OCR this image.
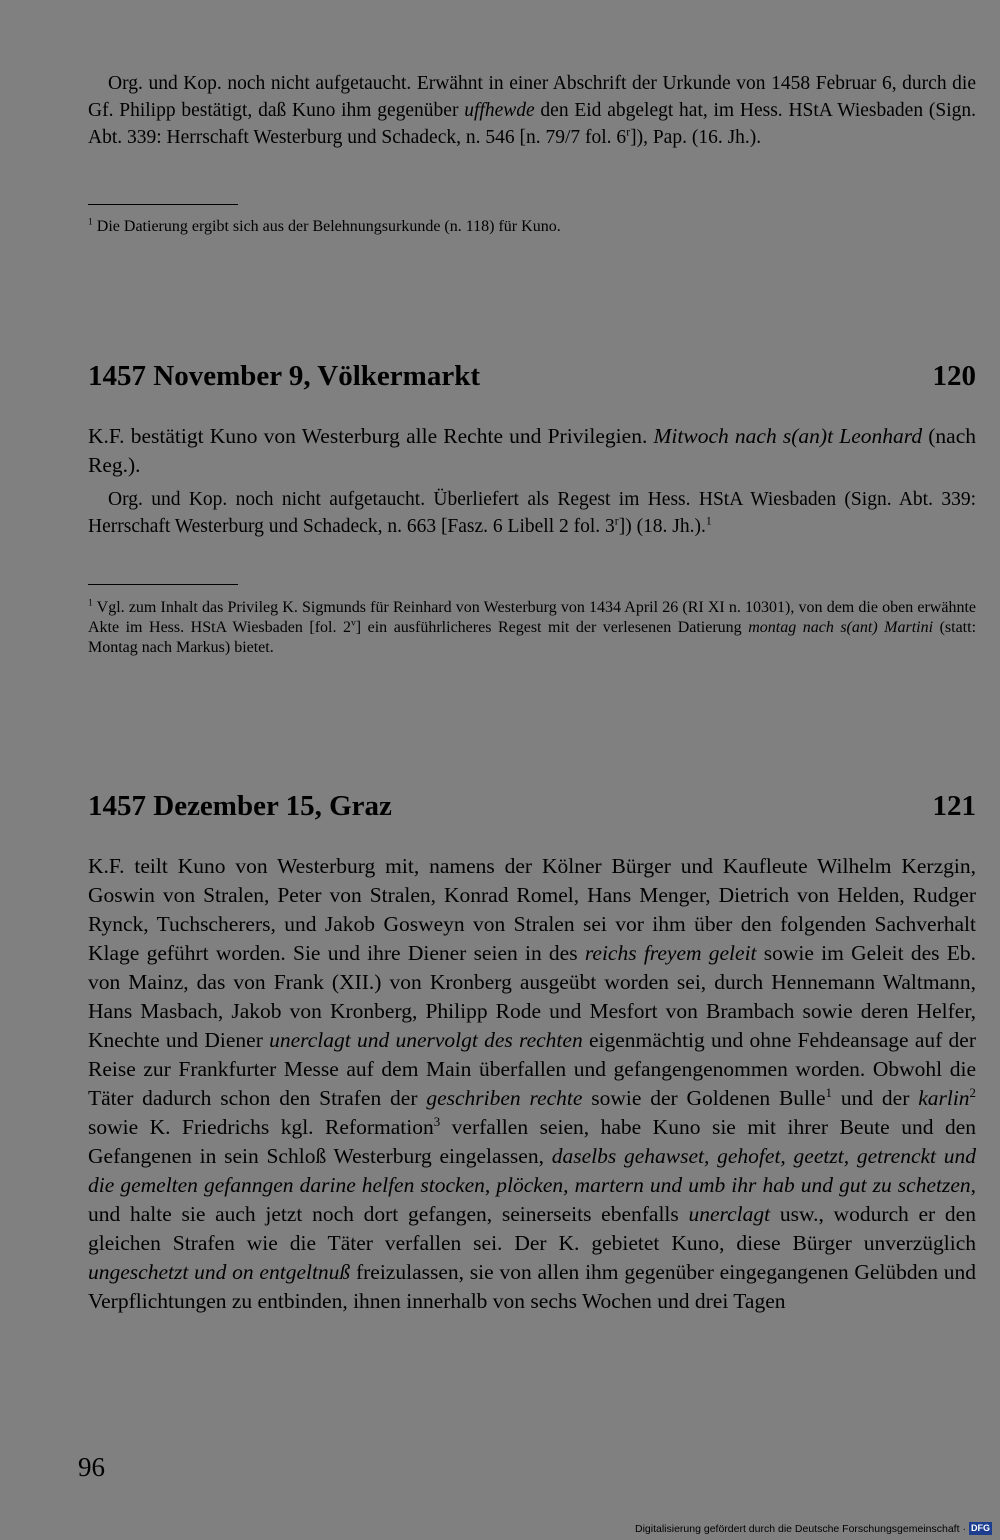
Org. und Kop. noch nicht aufgetaucht. Erwähnt in einer Abschrift der Urkunde von 1458 Februar 6, durch die Gf. Philipp bestätigt, daß Kuno ihm gegenüber uffhewde den Eid abgelegt hat, im Hess. HStA Wiesbaden (Sign. Abt. 339: Herrschaft Westerburg und Schadeck, n. 546 [n. 79/7 fol. 6$^r$]), Pap. (16. Jh.).

$^1$ Die Datierung ergibt sich aus der Belehnungsurkunde (n. 118) für Kuno.

1457 November 9, Völkermarkt	120

K.F. bestätigt Kuno von Westerburg alle Rechte und Privilegien. Mitwoch nach s(an)t Leonhard (nach Reg.).

Org. und Kop. noch nicht aufgetaucht. Überliefert als Regest im Hess. HStA Wiesbaden (Sign. Abt. 339: Herrschaft Westerburg und Schadeck, n. 663 [Fasz. 6 Libell 2 fol. 3$^r$]) (18. Jh.).$^1$

$^1$ Vgl. zum Inhalt das Privileg K. Sigmunds für Reinhard von Westerburg von 1434 April 26 (RI XI n. 10301), von dem die oben erwähnte Akte im Hess. HStA Wiesbaden [fol. 2$^v$] ein ausführlicheres Regest mit der verlesenen Datierung montag nach s(ant) Martini (statt: Montag nach Markus) bietet.

1457 Dezember 15, Graz	121

K.F. teilt Kuno von Westerburg mit, namens der Kölner Bürger und Kaufleute Wilhelm Kerzgin, Goswin von Stralen, Peter von Stralen, Konrad Romel, Hans Menger, Dietrich von Helden, Rudger Rynck, Tuchscherers, und Jakob Gosweyn von Stralen sei vor ihm über den folgenden Sachverhalt Klage geführt worden. Sie und ihre Diener seien in des reichs freyem geleit sowie im Geleit des Eb. von Mainz, das von Frank (XII.) von Kronberg ausgeübt worden sei, durch Hennemann Waltmann, Hans Masbach, Jakob von Kronberg, Philipp Rode und Mesfort von Brambach sowie deren Helfer, Knechte und Diener unerclagt und unervolgt des rechten eigenmächtig und ohne Fehdeansage auf der Reise zur Frankfurter Messe auf dem Main überfallen und gefangengenommen worden. Obwohl die Täter dadurch schon den Strafen der geschriben rechte sowie der Goldenen Bulle$^1$ und der karlin$^2$ sowie K. Friedrichs kgl. Reformation$^3$ verfallen seien, habe Kuno sie mit ihrer Beute und den Gefangenen in sein Schloß Westerburg eingelassen, daselbs gehawset, gehofet, geetzt, getrenckt und die gemelten gefanngen darine helfen stocken, plöcken, martern und umb ihr hab und gut zu schetzen, und halte sie auch jetzt noch dort gefangen, seinerseits ebenfalls unerclagt usw., wodurch er den gleichen Strafen wie die Täter verfallen sei. Der K. gebietet Kuno, diese Bürger unverzüglich ungeschetzt und on entgeltnuß freizulassen, sie von allen ihm gegenüber eingegangenen Gelübden und Verpflichtungen zu entbinden, ihnen innerhalb von sechs Wochen und drei Tagen

96
Digitalisierung gefördert durch die Deutsche Forschungsgemeinschaft · DFG
